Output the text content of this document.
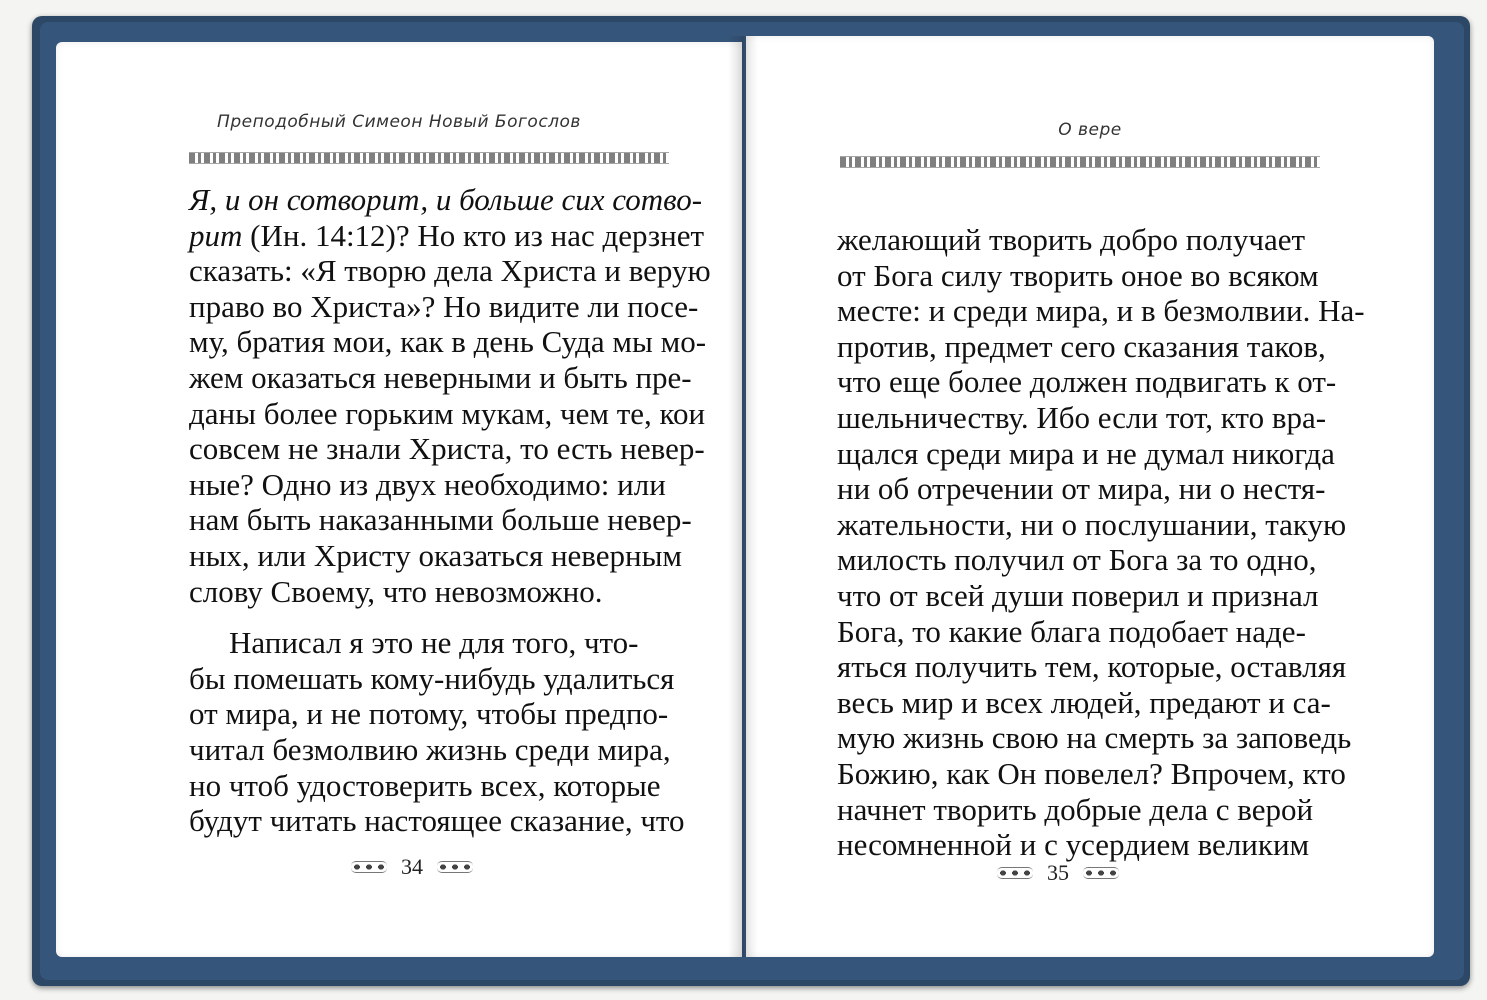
Преподобный Симеон Новый Богослов
Я, и он сотворит, и больше сих сотво-
рит (Ин. 14:12)? Но кто из нас дерзнет
сказать: «Я творю дела Христа и верую
право во Христа»? Но видите ли посе-
му, братия мои, как в день Суда мы мо-
жем оказаться неверными и быть пре-
даны более горьким мукам, чем те, кои
совсем не знали Христа, то есть невер-
ные? Одно из двух необходимо: или
нам быть наказанными больше невер-
ных, или Христу оказаться неверным
слову Своему, что невозможно.
Написал я это не для того, что-
бы помешать кому-нибудь удалиться
от мира, и не потому, чтобы предпо-
читал безмолвию жизнь среди мира,
но чтоб удостоверить всех, которые
будут читать настоящее сказание, что
34
О вере
желающий творить добро получает
от Бога силу творить оное во всяком
месте: и среди мира, и в безмолвии. На-
против, предмет сего сказания таков,
что еще более должен подвигать к от-
шельничеству. Ибо если тот, кто вра-
щался среди мира и не думал никогда
ни об отречении от мира, ни о нестя-
жательности, ни о послушании, такую
милость получил от Бога за то одно,
что от всей души поверил и признал
Бога, то какие блага подобает наде-
яться получить тем, которые, оставляя
весь мир и всех людей, предают и са-
мую жизнь свою на смерть за заповедь
Божию, как Он повелел? Впрочем, кто
начнет творить добрые дела с верой
несомненной и с усердием великим
35
